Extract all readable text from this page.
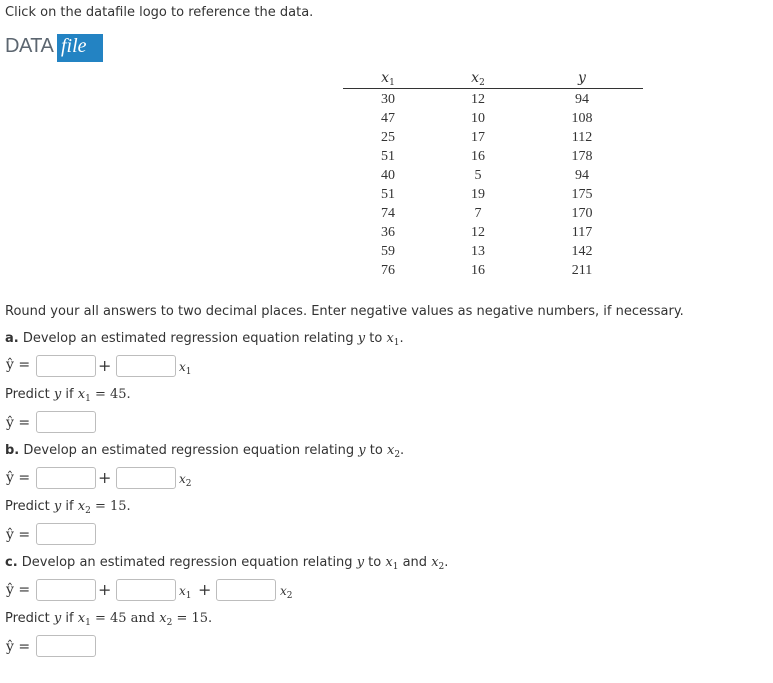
Click on the datafile logo to reference the data.
DATA file
$x_1$	$x_2$	y
30	12	94
47	10	108
25	17	112
51	16	178
40	5	94
51	19	175
74	7	170
36	12	117
59	13	142
76	16	211
Round your all answers to two decimal places. Enter negative values as negative numbers, if necessary.
a. Develop an estimated regression equation relating y to $x_1$.
ŷ =	+	$x_1$
Predict y if $x_1 = 45$.
ŷ =
b. Develop an estimated regression equation relating y to $x_2$.
ŷ =	+	$x_2$
Predict y if $x_2 = 15$.
ŷ =
c. Develop an estimated regression equation relating y to $x_1$ and $x_2$.
ŷ =	+	$x_1$ +	$x_2$
Predict y if $x_1 = 45$ and $x_2 = 15$.
ŷ =
